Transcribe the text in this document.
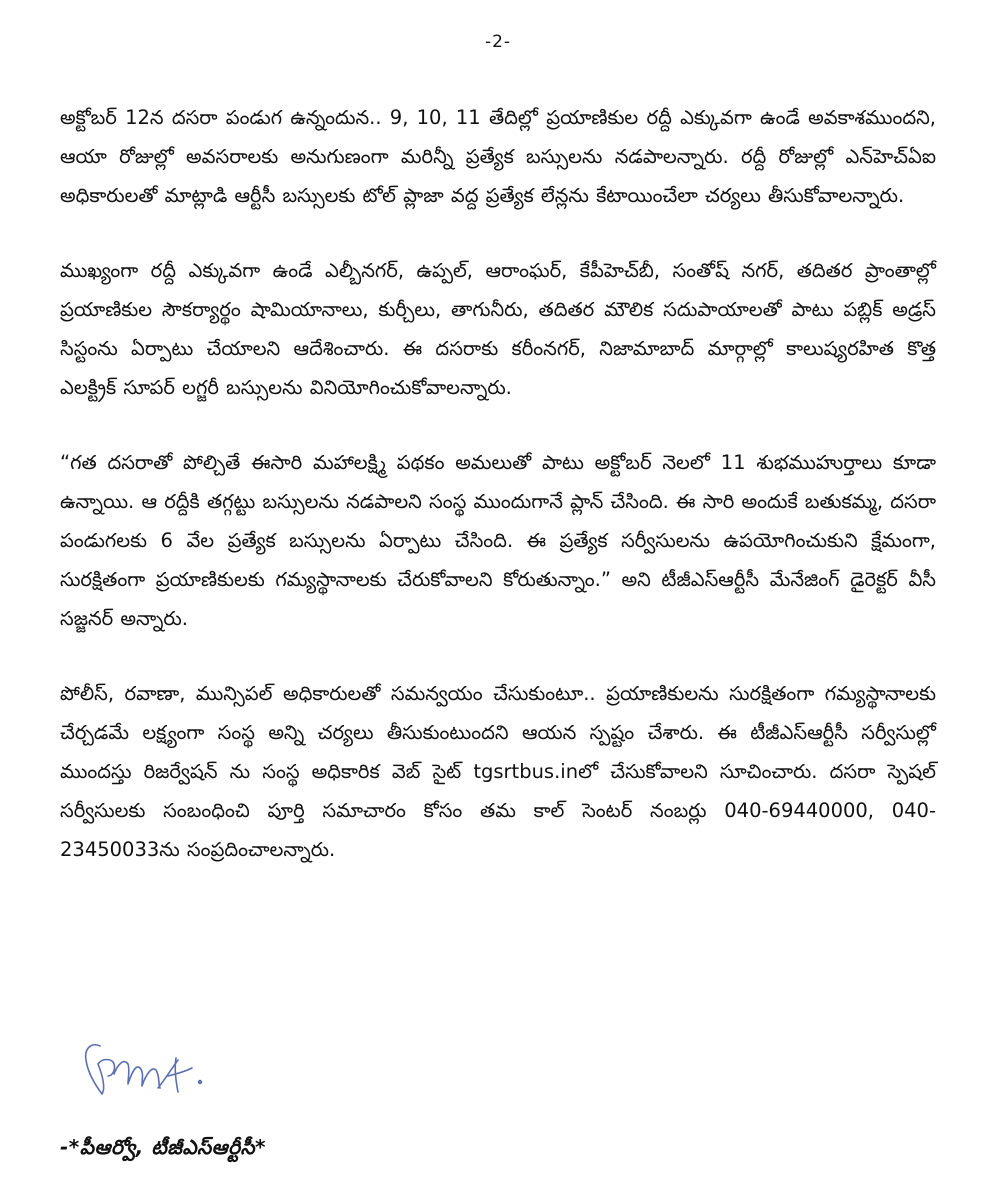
-2-

అక్టోబర్ 12న దసరా పండుగ ఉన్నందున.. 9, 10, 11 తేదిల్లో ప్రయాణికుల రద్దీ ఎక్కువగా ఉండే అవకాశముందని, ఆయా రోజుల్లో అవసరాలకు అనుగుణంగా మరిన్నీ ప్రత్యేక బస్సులను నడపాలన్నారు. రద్దీ రోజుల్లో ఎన్‌హెచ్‌ఏఐ అధికారులతో మాట్లాడి ఆర్టీసీ బస్సులకు టోల్ ప్లాజా వద్ద ప్రత్యేక లేన్లను కేటాయించేలా చర్యలు తీసుకోవాలన్నారు.

ముఖ్యంగా రద్దీ ఎక్కువగా ఉండే ఎల్బీనగర్, ఉప్పల్, ఆరాంఘర్, కేపీహెచ్‌బీ, సంతోష్ నగర్, తదితర ప్రాంతాల్లో ప్రయాణికుల సౌకర్యార్థం షామియానాలు, కుర్చీలు, తాగునీరు, తదితర మౌలిక సదుపాయాలతో పాటు పబ్లిక్ అడ్రస్ సిస్టంను ఏర్పాటు చేయాలని ఆదేశించారు. ఈ దసరాకు కరీంనగర్, నిజామాబాద్ మార్గాల్లో కాలుష్యరహిత కొత్త ఎలక్ట్రిక్ సూపర్ లగ్జరీ బస్సులను వినియోగించుకోవాలన్నారు.

“గత దసరాతో పోల్చితే ఈసారి మహాలక్ష్మి పథకం అమలుతో పాటు అక్టోబర్ నెలలో 11 శుభముహుర్తాలు కూడా ఉన్నాయి. ఆ రద్దీకి తగ్గట్టు బస్సులను నడపాలని సంస్థ ముందుగానే ప్లాన్ చేసింది. ఈ సారి అందుకే బతుకమ్మ, దసరా పండుగలకు 6 వేల ప్రత్యేక బస్సులను ఏర్పాటు చేసింది. ఈ ప్రత్యేక సర్వీసులను ఉపయోగించుకుని క్షేమంగా, సురక్షితంగా ప్రయాణికులకు గమ్యస్థానాలకు చేరుకోవాలని కోరుతున్నాం.” అని టీజీఎస్ఆర్టీసీ మేనేజింగ్ డైరెక్టర్ వీసీ సజ్జనర్ అన్నారు.

పోలీస్, రవాణా, మున్సిపల్ అధికారులతో సమన్వయం చేసుకుంటూ.. ప్రయాణికులను సురక్షితంగా గమ్యస్థానాలకు చేర్చడమే లక్ష్యంగా సంస్థ అన్ని చర్యలు తీసుకుంటుందని ఆయన స్పష్టం చేశారు. ఈ టీజీఎస్ఆర్టీసీ సర్వీసుల్లో ముందస్తు రిజర్వేషన్ ను సంస్థ అధికారిక వెబ్ సైట్ tgsrtbus.inలో చేసుకోవాలని సూచించారు. దసరా స్పెషల్ సర్వీసులకు సంబంధించి పూర్తి సమాచారం కోసం తమ కాల్ సెంటర్ నంబర్లు 040-69440000, 040-23450033ను సంప్రదించాలన్నారు.

-*పీఆర్వో, టీజీఎస్ఆర్టీసీ*
